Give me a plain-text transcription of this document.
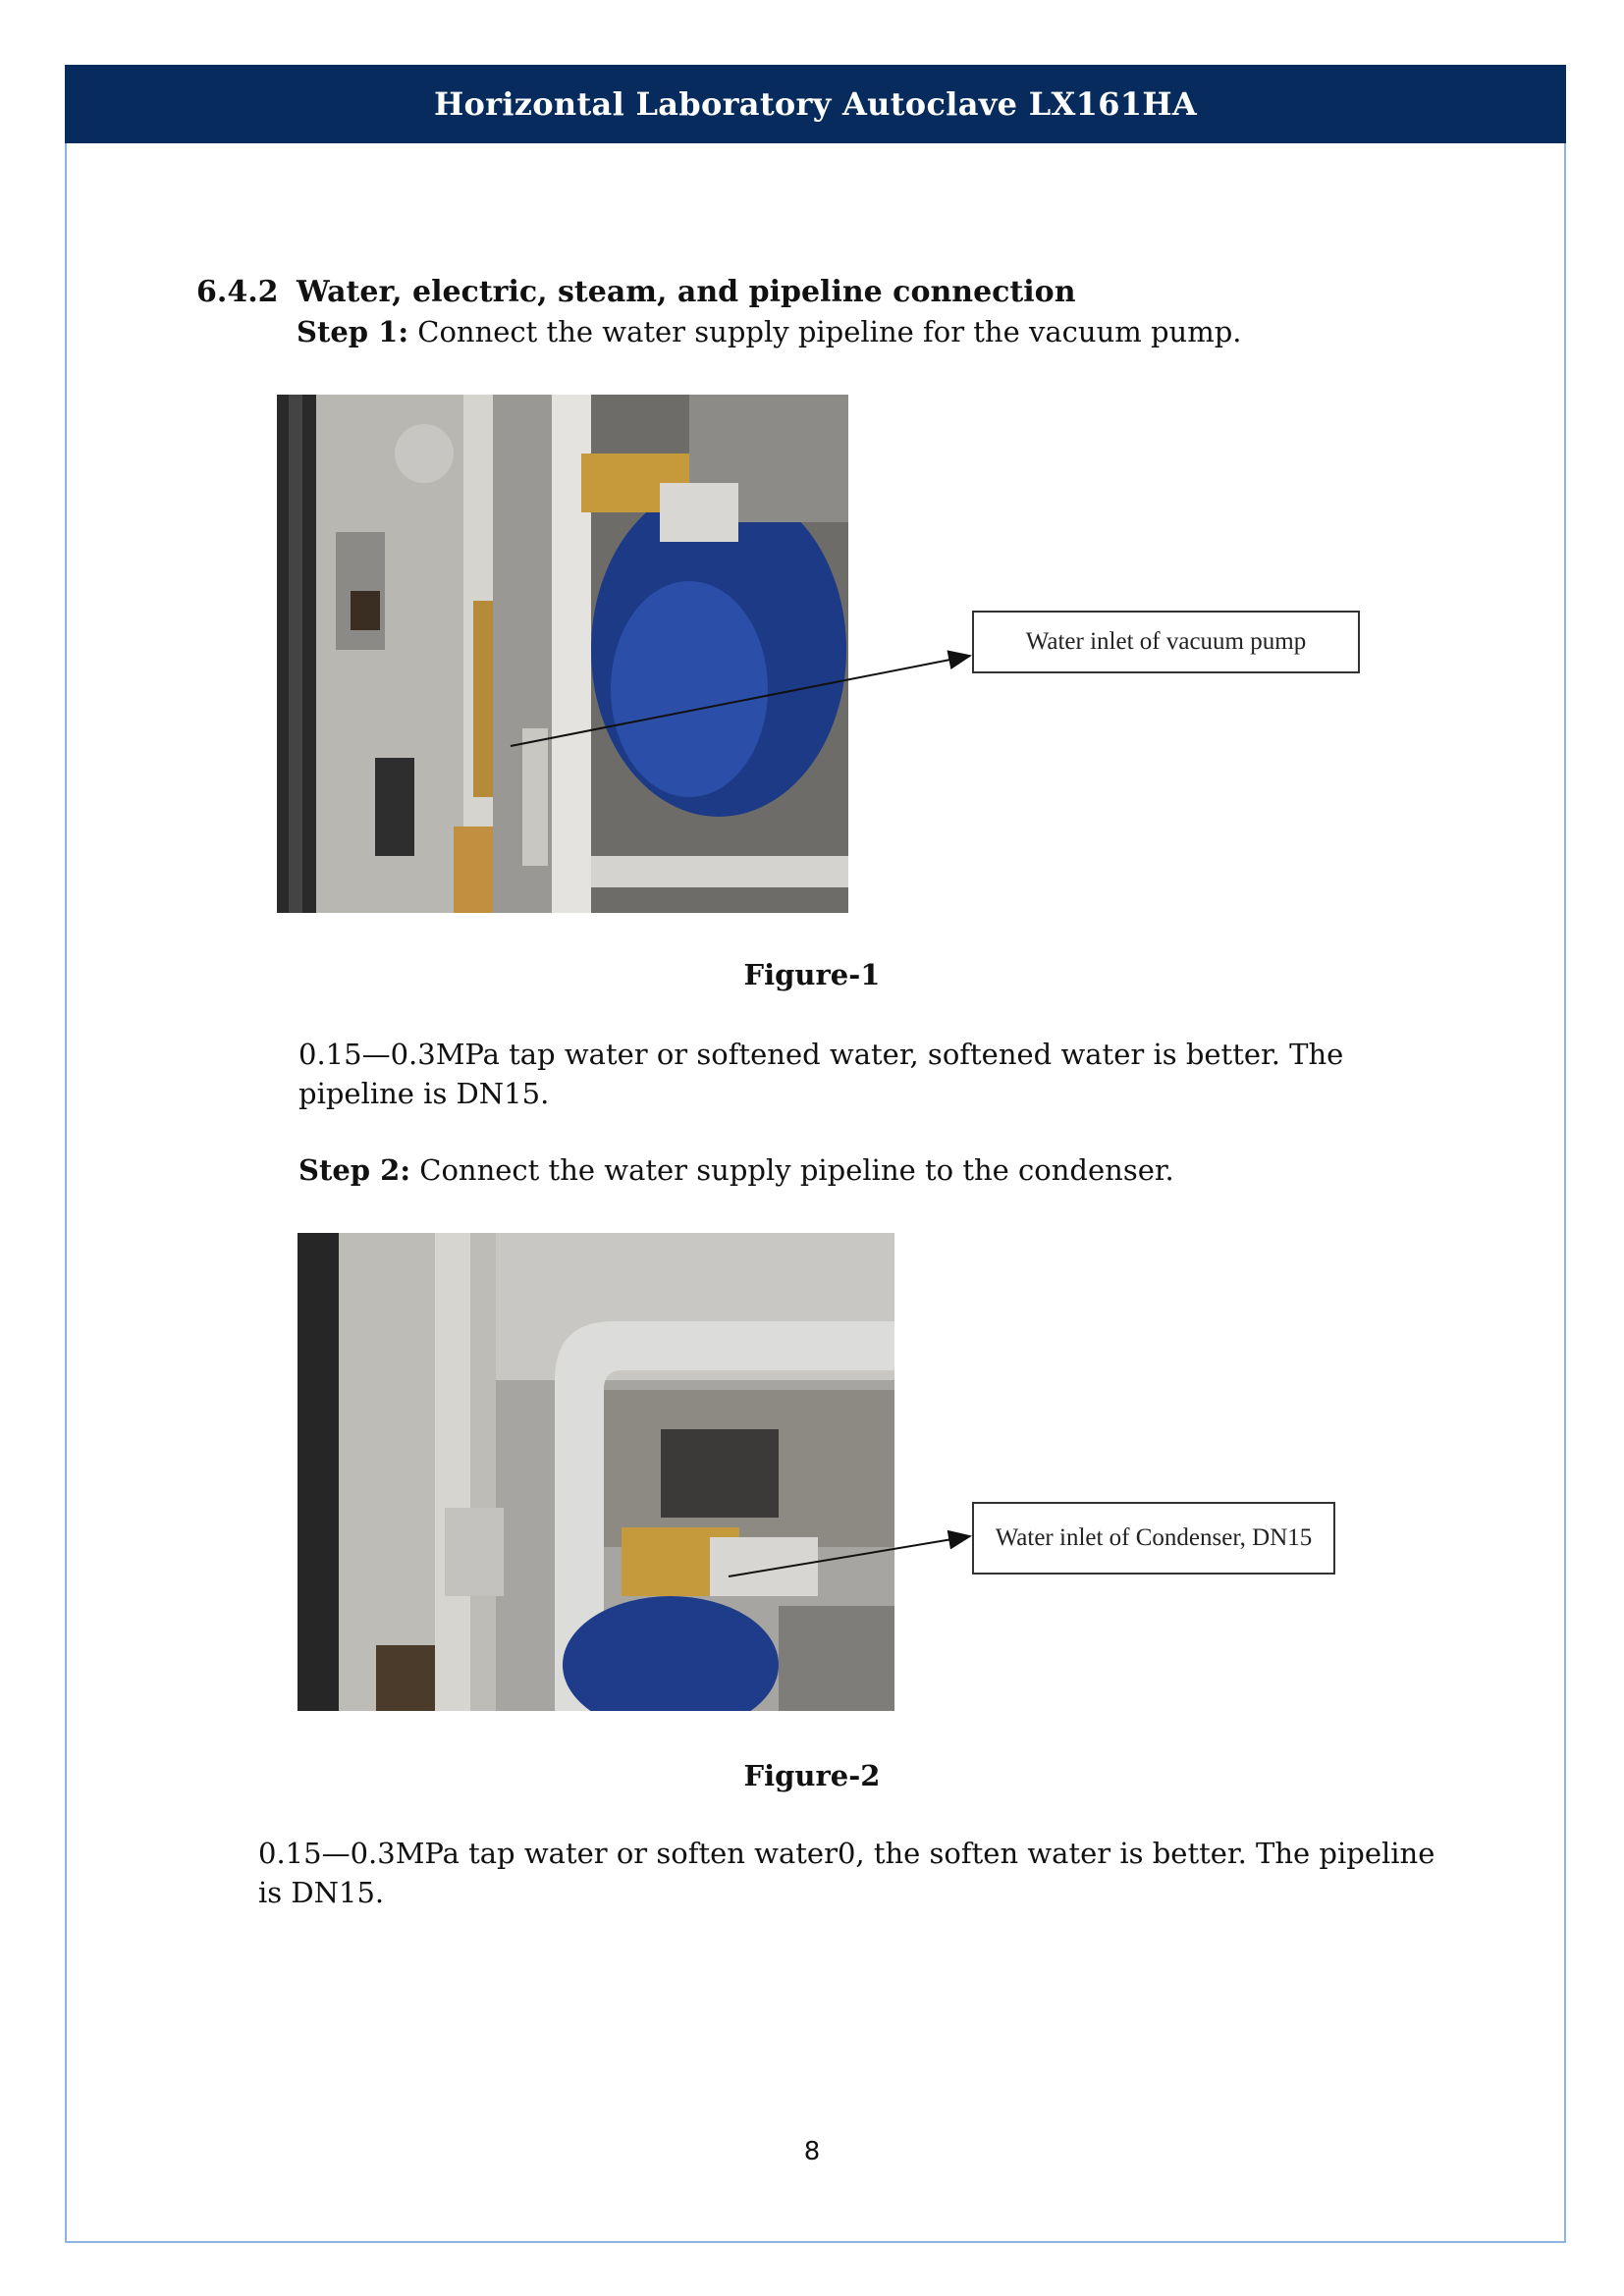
Horizontal Laboratory Autoclave LX161HA
6.4.2 Water, electric, steam, and pipeline connection
Step 1: Connect the water supply pipeline for the vacuum pump.
Water inlet of vacuum pump
Figure-1
0.15—0.3MPa tap water or softened water, softened water is better. The pipeline is DN15.
Step 2: Connect the water supply pipeline to the condenser.
Water inlet of Condenser, DN15
Figure-2
0.15—0.3MPa tap water or soften water0, the soften water is better. The pipeline is DN15.
8
